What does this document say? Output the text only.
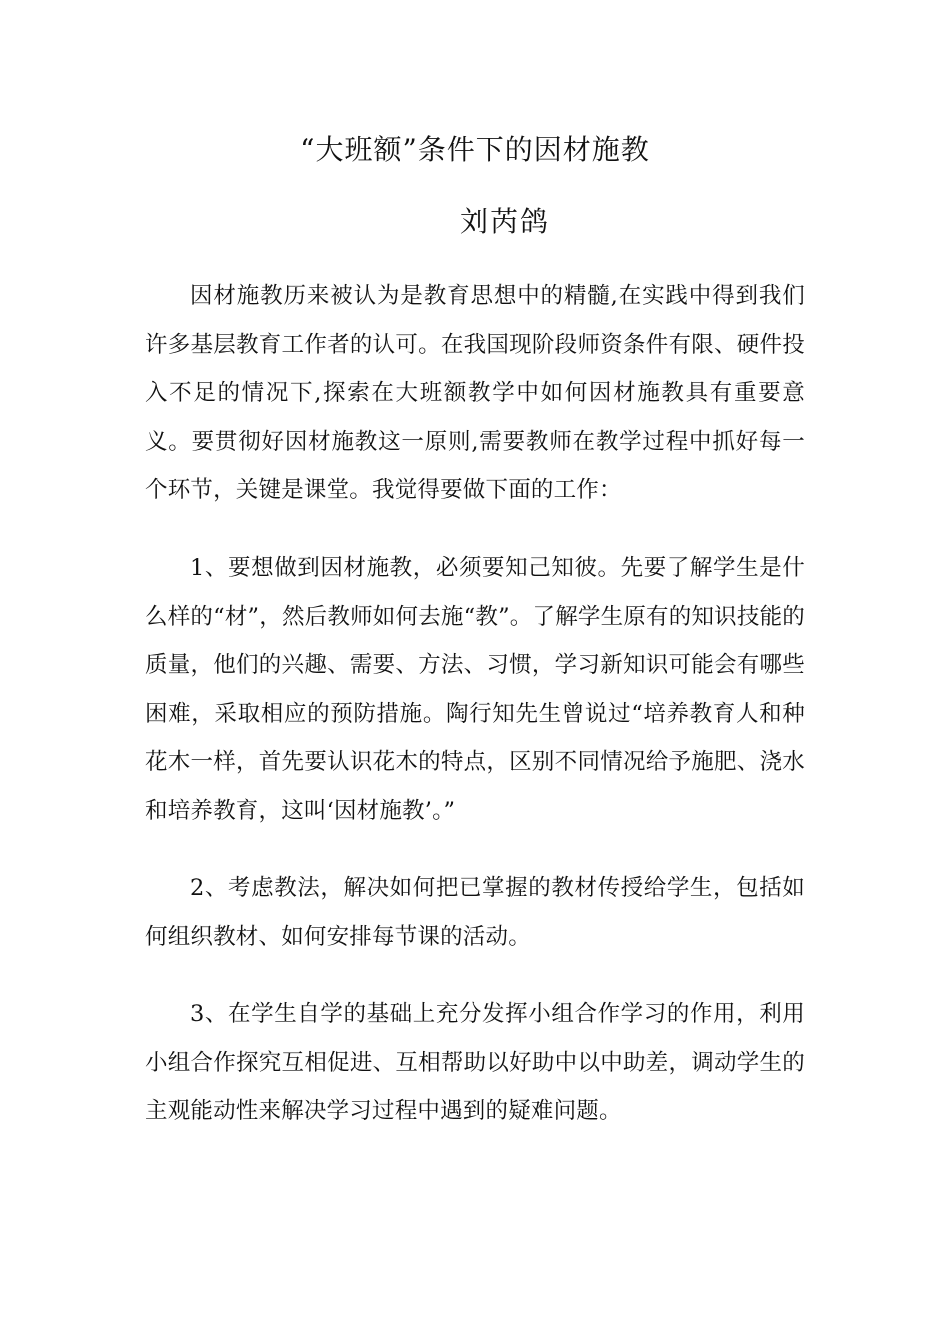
“大班额”条件下的因材施教
刘芮鸽

因材施教历来被认为是教育思想中的精髓,在实践中得到我们许多基层教育工作者的认可。在我国现阶段师资条件有限、硬件投入不足的情况下,探索在大班额教学中如何因材施教具有重要意义。要贯彻好因材施教这一原则,需要教师在教学过程中抓好每一个环节，关键是课堂。我觉得要做下面的工作：

1、要想做到因材施教，必须要知己知彼。先要了解学生是什么样的“材”，然后教师如何去施“教”。了解学生原有的知识技能的质量，他们的兴趣、需要、方法、习惯，学习新知识可能会有哪些困难，采取相应的预防措施。陶行知先生曾说过“培养教育人和种花木一样，首先要认识花木的特点，区别不同情况给予施肥、浇水和培养教育，这叫‘因材施教’。”

2、考虑教法，解决如何把已掌握的教材传授给学生，包括如何组织教材、如何安排每节课的活动。

3、在学生自学的基础上充分发挥小组合作学习的作用，利用小组合作探究互相促进、互相帮助以好助中以中助差，调动学生的主观能动性来解决学习过程中遇到的疑难问题。
